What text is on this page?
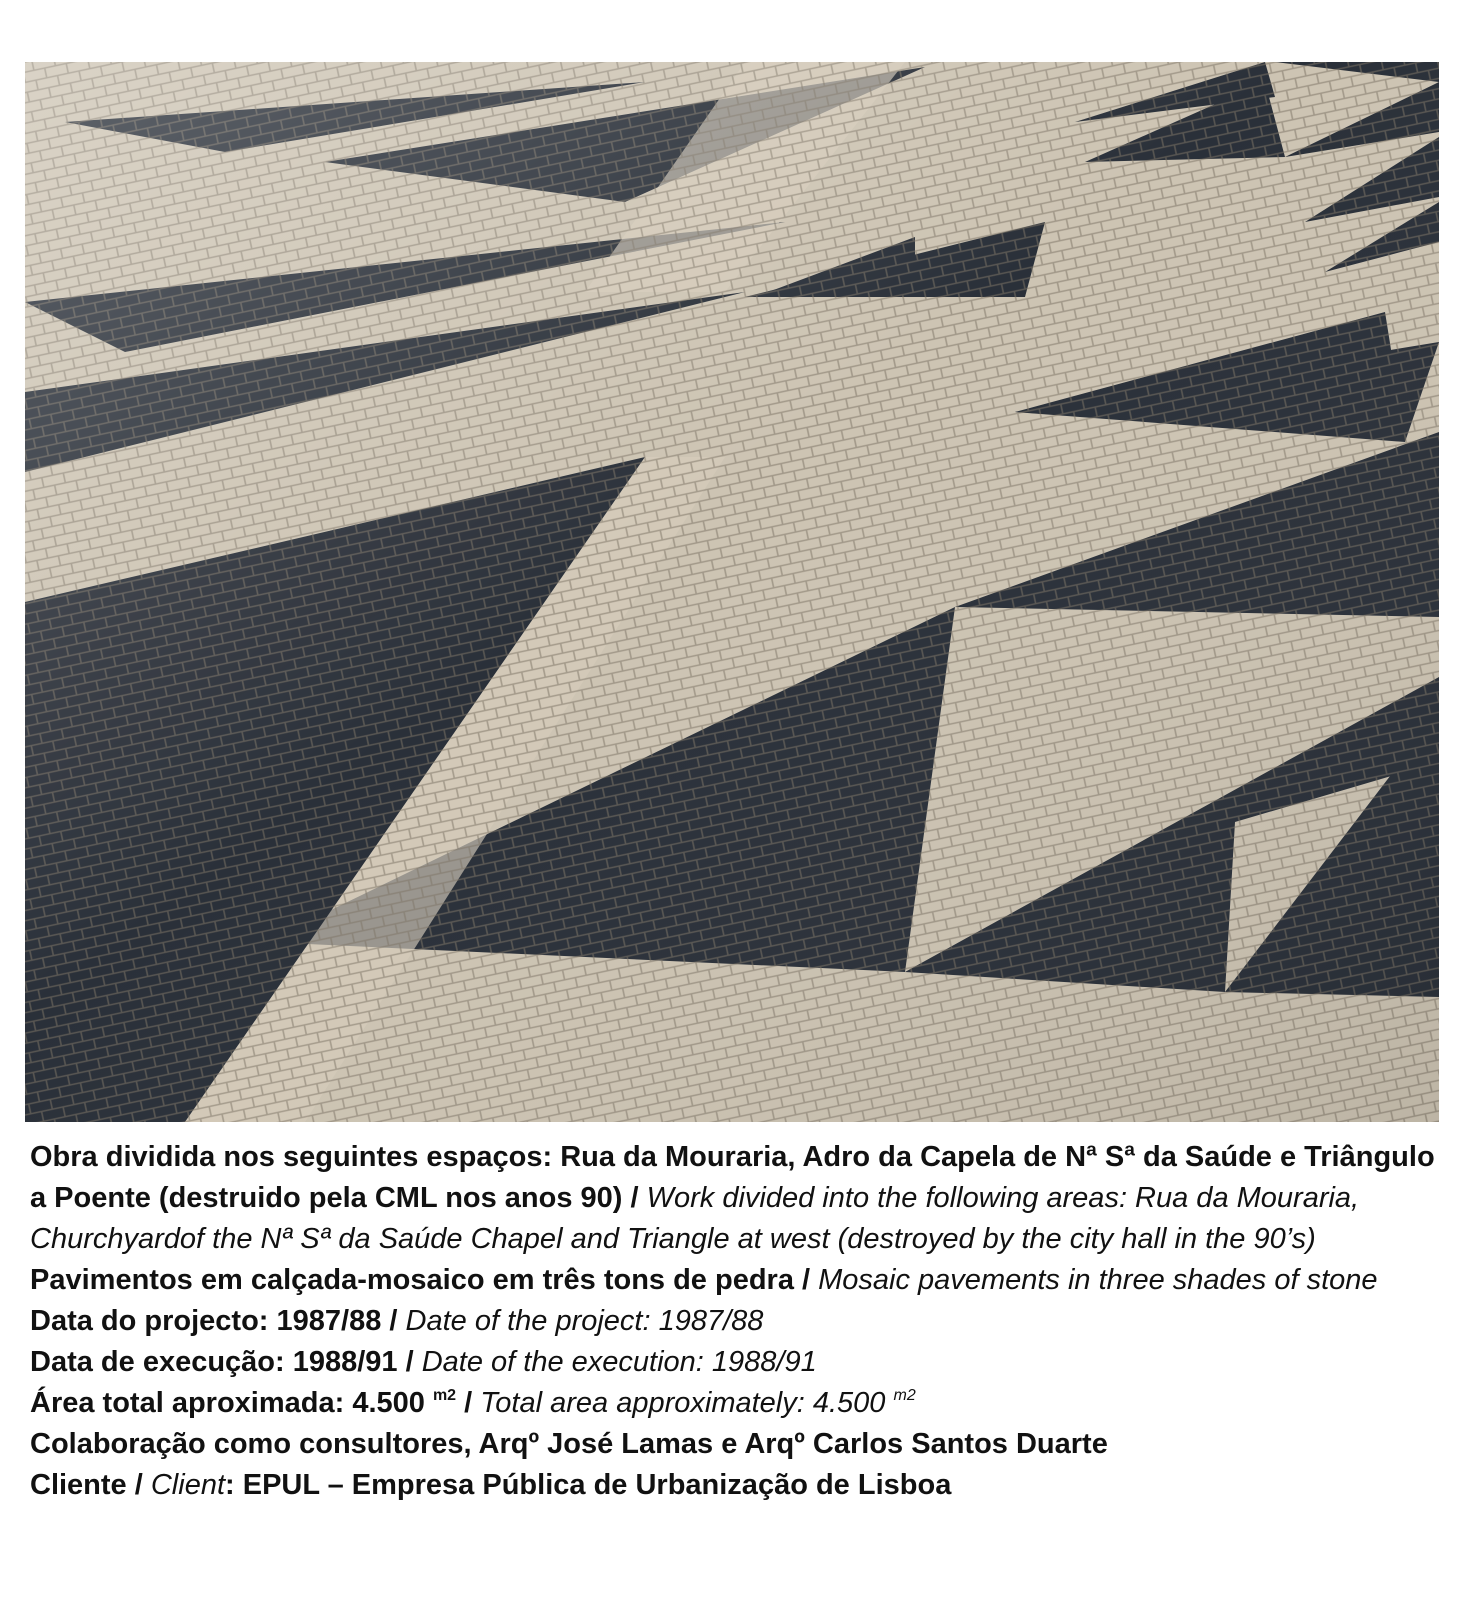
Obra dividida nos seguintes espaços: Rua da Mouraria, Adro da Capela de Nª Sª da Saúde e Triângulo a Poente (destruido pela CML nos anos 90) / Work divided into the following areas: Rua da Mouraria, Churchyardof the Nª Sª da Saúde Chapel and Triangle at west (destroyed by the city hall in the 90’s)

Pavimentos em calçada-mosaico em três tons de pedra / Mosaic pavements in three shades of stone

Data do projecto: 1987/88 / Date of the project: 1987/88

Data de execução: 1988/91 / Date of the execution: 1988/91

Área total aproximada: 4.500 $^{m2}$ / Total area approximately: 4.500 $^{m2}$

Colaboração como consultores, Arqº José Lamas e Arqº Carlos Santos Duarte

Cliente / Client: EPUL – Empresa Pública de Urbanização de Lisboa
